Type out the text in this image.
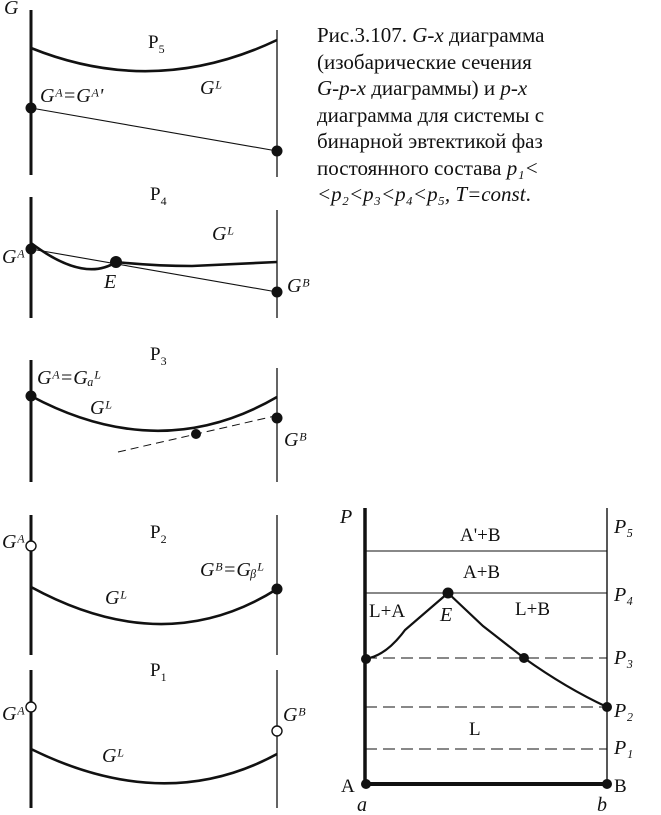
Рис.3.107. G-x диаграмма
(изобарические сечения
G-p-x диаграммы) и p-x
диаграмма для системы с
бинарной эвтектикой фаз
постоянного состава p₁<
<p₂<p₃<p₄<p₅, T=const.
G
$P_5$
Gᴬ=Gᴬ'	Gᴸ
$P_4$
Gᴬ
Gᴸ
E	Gᴮ
$P_3$
Gᴬ=Gₐᴸ
Gᴸ
Gᴮ
$P_2$
Gᴬ
Gᴸ
Gᴮ=Gᵦᴸ
$P_1$
Gᴬ
Gᴸ
Gᴮ
P
A'+B
A+B
L+A	L+B
L
E
A	B
a	b
P₅
P₄
P₃
P₂
P₁
